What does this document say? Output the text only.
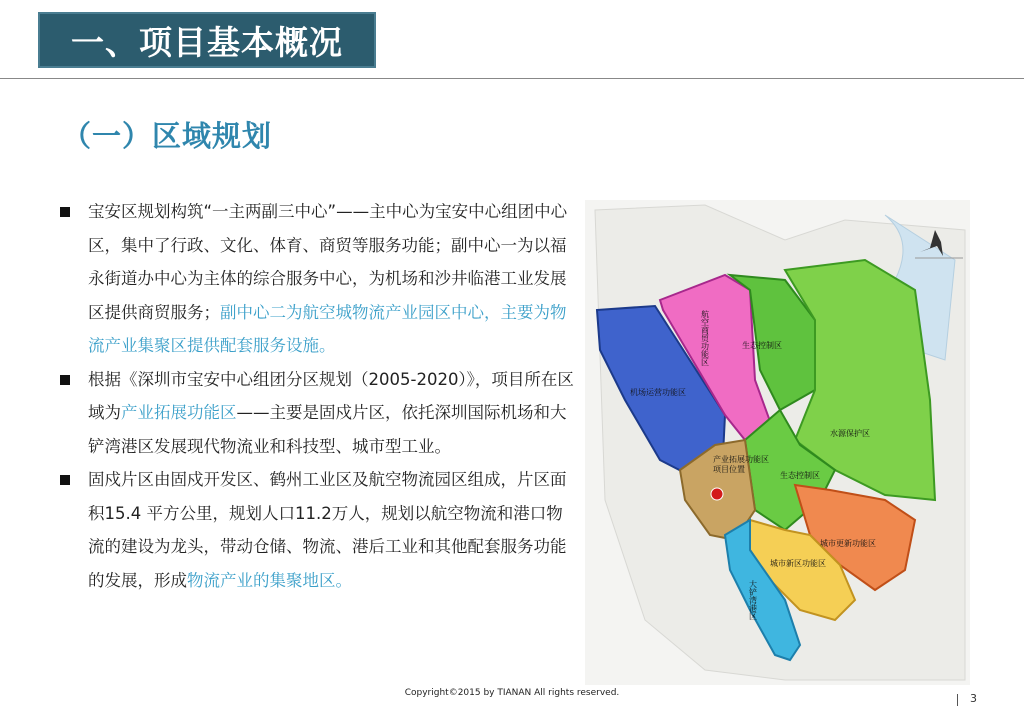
一、项目基本概况
（一）区域规划

宝安区规划构筑“一主两副三中心”——主中心为宝安中心组团中心区，集中了行政、文化、体育、商贸等服务功能；副中心一为以福永街道办中心为主体的综合服务中心，为机场和沙井临港工业发展区提供商贸服务；副中心二为航空城物流产业园区中心，主要为物流产业集聚区提供配套服务设施。

根据《深圳市宝安中心组团分区规划（2005-2020）》，项目所在区域为产业拓展功能区——主要是固戍片区，依托深圳国际机场和大铲湾港区发展现代物流业和科技型、城市型工业。

固戍片区由固戍开发区、鹤州工业区及航空物流园区组成，片区面积15.4 平方公里，规划人口11.2万人，规划以航空物流和港口物流的建设为龙头，带动仓储、物流、港后工业和其他配套服务功能的发展，形成物流产业的集聚地区。

机场运营功能区
航空商贸功能区	生态控制区
水源保护区
生态控制区
产业拓展功能区
项目位置
城市更新功能区
城市新区功能区
大铲湾港区
Copyright©2015 by TIANAN All rights reserved.	3
